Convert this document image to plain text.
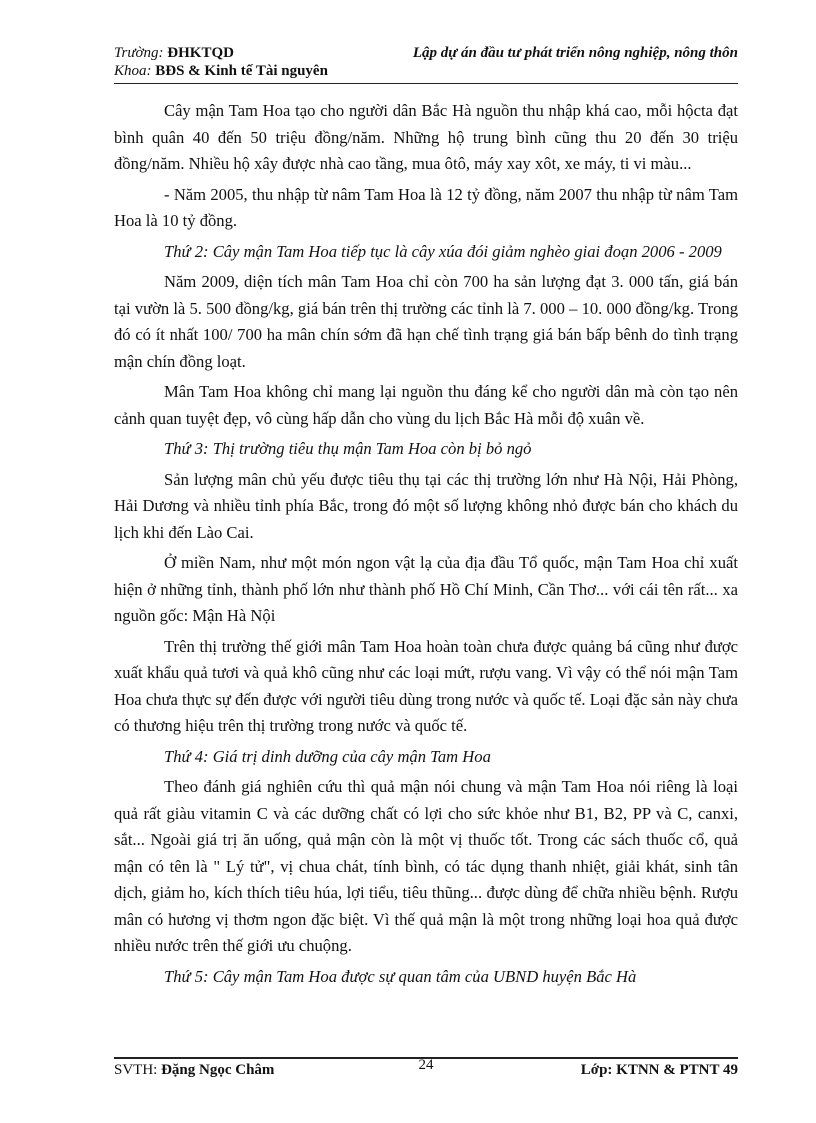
Trường: ĐHKTQD	Lập dự án đầu tư phát triển nông nghiệp, nông thôn
Khoa: BĐS & Kinh tế Tài nguyên

Cây mận Tam Hoa tạo cho người dân Bắc Hà nguồn thu nhập khá cao, mỗi hộcta đạt bình quân 40 đến 50 triệu đồng/năm. Những hộ trung bình cũng thu 20 đến 30 triệu đồng/năm. Nhiều hộ xây được nhà cao tầng, mua ôtô, máy xay xôt, xe máy, ti vi màu...

- Năm 2005, thu nhập từ nâm Tam Hoa là 12 tỷ đồng, năm 2007 thu nhập từ nâm Tam Hoa là 10 tỷ đồng.

Thứ 2: Cây mận Tam Hoa tiếp tục là cây xúa đói giảm nghèo giai đoạn 2006 - 2009

Năm 2009, diện tích mân Tam Hoa chỉ còn 700 ha sản lượng đạt 3. 000 tấn, giá bán tại vườn là 5. 500 đồng/kg, giá bán trên thị trường các tỉnh là 7. 000 – 10. 000 đồng/kg. Trong đó có ít nhất 100/ 700 ha mân chín sớm đã hạn chế tình trạng giá bán bấp bênh do tình trạng mận chín đồng loạt.

Mân Tam Hoa không chỉ mang lại nguồn thu đáng kể cho người dân mà còn tạo nên cảnh quan tuyệt đẹp, vô cùng hấp dẫn cho vùng du lịch Bắc Hà mỗi độ xuân về.

Thứ 3: Thị trường tiêu thụ mận Tam Hoa còn bị bỏ ngỏ

Sản lượng mân chủ yếu được tiêu thụ tại các thị trường lớn như Hà Nội, Hải Phòng, Hải Dương và nhiều tỉnh phía Bắc, trong đó một số lượng không nhỏ được bán cho khách du lịch khi đến Lào Cai.

Ở miền Nam, như một món ngon vật lạ của địa đầu Tổ quốc, mận Tam Hoa chỉ xuất hiện ở những tỉnh, thành phố lớn như thành phố Hồ Chí Minh, Cần Thơ... với cái tên rất... xa nguồn gốc: Mận Hà Nội

Trên thị trường thế giới mân Tam Hoa hoàn toàn chưa được quảng bá cũng như được xuất khẩu quả tươi và quả khô cũng như các loại mứt, rượu vang. Vì vậy có thể nói mận Tam Hoa chưa thực sự đến được với người tiêu dùng trong nước và quốc tế. Loại đặc sản này chưa có thương hiệu trên thị trường trong nước và quốc tế.

Thứ 4: Giá trị dinh dưỡng của cây mận Tam Hoa

Theo đánh giá nghiên cứu thì quả mận nói chung và mận Tam Hoa nói riêng là loại quả rất giàu vitamin C và các dưỡng chất có lợi cho sức khỏe như B1, B2, PP và C, canxi, sắt... Ngoài giá trị ăn uống, quả mận còn là một vị thuốc tốt. Trong các sách thuốc cổ, quả mận có tên là " Lý tử", vị chua chát, tính bình, có tác dụng thanh nhiệt, giải khát, sinh tân dịch, giảm ho, kích thích tiêu húa, lợi tiểu, tiêu thũng... được dùng để chữa nhiều bệnh. Rượu mân có hương vị thơm ngon đặc biệt. Vì thế quả mận là một trong những loại hoa quả được nhiều nước trên thế giới ưu chuộng.

Thứ 5: Cây mận Tam Hoa được sự quan tâm của UBND huyện Bắc Hà

SVTH: Đặng Ngọc Châm	24	Lớp: KTNN & PTNT 49
